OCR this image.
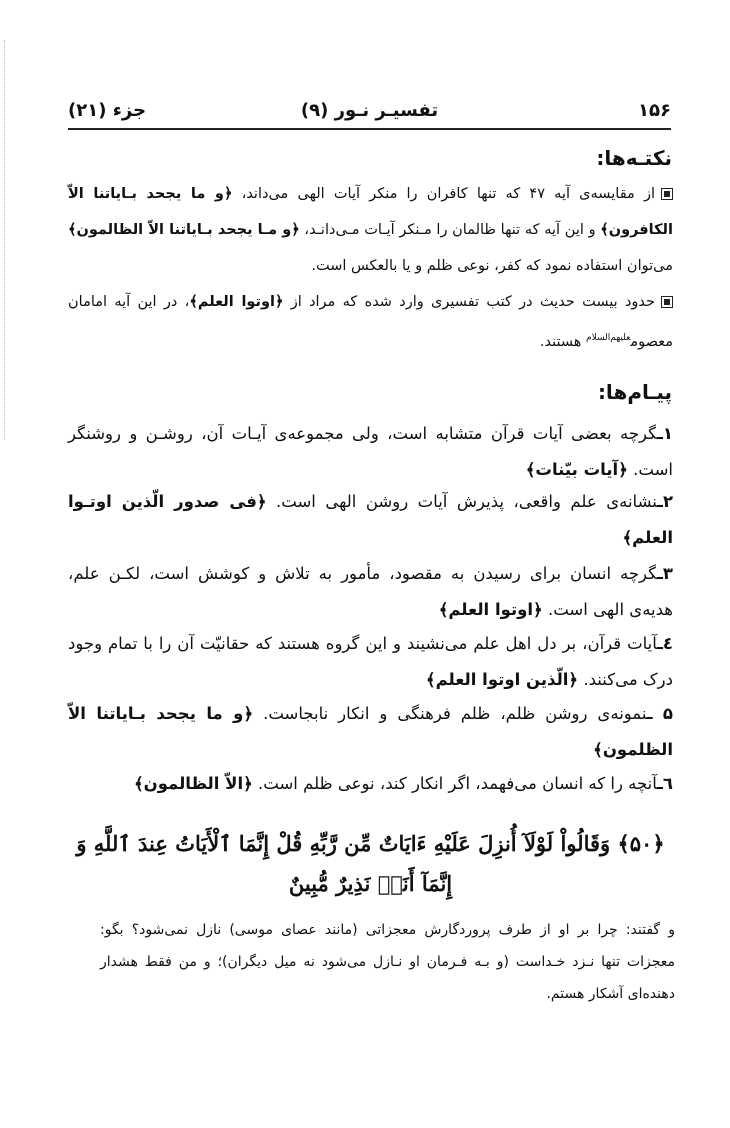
۱۵۶
تفسیـر نـور (۹)
جزء (۲۱)
نکتـه‌ها:
از مقایسه‌ی آیه ۴۷ که تنها کافران را منکر آیات الهی می‌داند، ﴿و ما یجحد بـایاتنا الاّ الکافرون﴾ و این آیه که تنها ظالمان را مـنکر آیـات مـی‌دانـد، ﴿و مـا یجحد بـایاتنا الاّ الظالمون﴾ می‌توان استفاده نمود که کفر، نوعی ظلم و یا بالعکس است.
حدود بیست حدیث در کتب تفسیری وارد شده که مراد از ﴿اوتوا العلم﴾، در این آیه امامان معصوم$^{علیهم‌السلام}$ هستند.
پیـام‌ها:
۱ـگرچه بعضی آیات قرآن متشابه است، ولی مجموعه‌ی آیـات آن، روشـن و روشنگر است. ﴿آیات بیّنات﴾
۲ـنشانه‌ی علم واقعی، پذیرش آیات روشن الهی است. ﴿فی صدور الّذین اوتـوا العلم﴾
۳ـگرچه انسان برای رسیدن به مقصود، مأمور به تلاش و کوشش است، لکـن علم، هدیه‌ی الهی است. ﴿اوتوا العلم﴾
٤ـآیات قرآن، بر دل اهل علم می‌نشیند و این گروه هستند که حقانیّت آن را با تمام وجود درک می‌کنند. ﴿الّذین اوتوا العلم﴾
۵ ـنمونه‌ی روشن ظلم، ظلم فرهنگی و انکار نابجاست. ﴿و ما یجحد بـایاتنا الاّ الظلمون﴾
٦ـآنچه را که انسان می‌فهمد، اگر انکار کند، نوعی ظلم است. ﴿الاّ الظالمون﴾
﴿۵۰﴾ وَقَالُواْ لَوْلَآ أُنزِلَ عَلَيْهِ ءَايَاتٌ مِّن رَّبِّهِ قُلْ إِنَّمَا ٱلْأَيَاتُ عِندَ ٱللَّهِ وَ
إِنَّمَآ أَنَا۠ نَذِيرٌ مُّبِينٌ
و گفتند: چرا بر او از طرف پروردگارش معجزاتی (مانند عصای موسی) نازل نمی‌شود؟ بگو: معجزات تنها نـزد خـداست (و بـه فـرمان او نـازل می‌شود نه میل دیگران)؛ و من فقط هشدار دهنده‌ای آشکار هستم.
